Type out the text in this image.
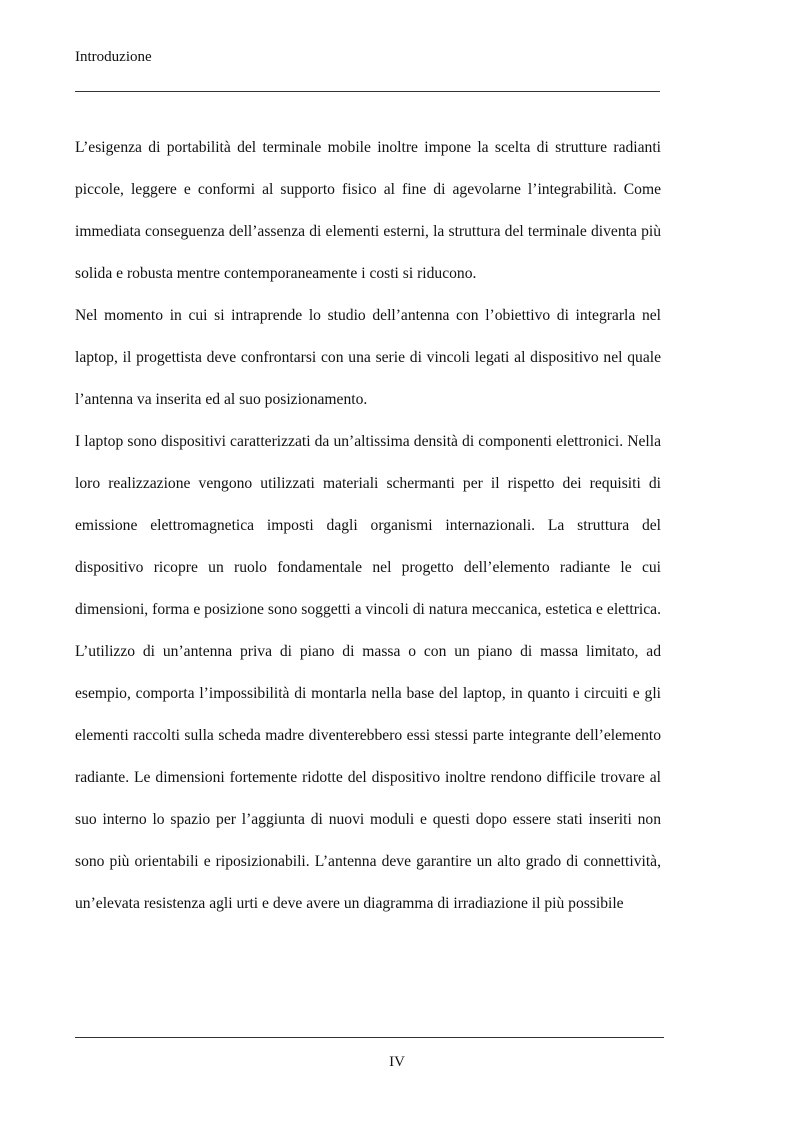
Introduzione

L’esigenza di portabilità del terminale mobile inoltre impone la scelta di strutture radianti piccole, leggere e conformi al supporto fisico al fine di agevolarne l’integrabilità. Come immediata conseguenza dell’assenza di elementi esterni, la struttura del terminale diventa più solida e robusta mentre contemporaneamente i costi si riducono.

Nel momento in cui si intraprende lo studio dell’antenna con l’obiettivo di integrarla nel laptop, il progettista deve confrontarsi con una serie di vincoli legati al dispositivo nel quale l’antenna va inserita ed al suo posizionamento.

I laptop sono dispositivi caratterizzati da un’altissima densità di componenti elettronici. Nella loro realizzazione vengono utilizzati materiali schermanti per il rispetto dei requisiti di emissione elettromagnetica imposti dagli organismi internazionali. La struttura del dispositivo ricopre un ruolo fondamentale nel progetto dell’elemento radiante le cui dimensioni, forma e posizione sono soggetti a vincoli di natura meccanica, estetica e elettrica. L’utilizzo di un’antenna priva di piano di massa o con un piano di massa limitato, ad esempio, comporta l’impossibilità di montarla nella base del laptop, in quanto i circuiti e gli elementi raccolti sulla scheda madre diventerebbero essi stessi parte integrante dell’elemento radiante. Le dimensioni fortemente ridotte del dispositivo inoltre rendono difficile trovare al suo interno lo spazio per l’aggiunta di nuovi moduli e questi dopo essere stati inseriti non sono più orientabili e riposizionabili. L’antenna deve garantire un alto grado di connettività, un’elevata resistenza agli urti e deve avere un diagramma di irradiazione il più possibile

IV
